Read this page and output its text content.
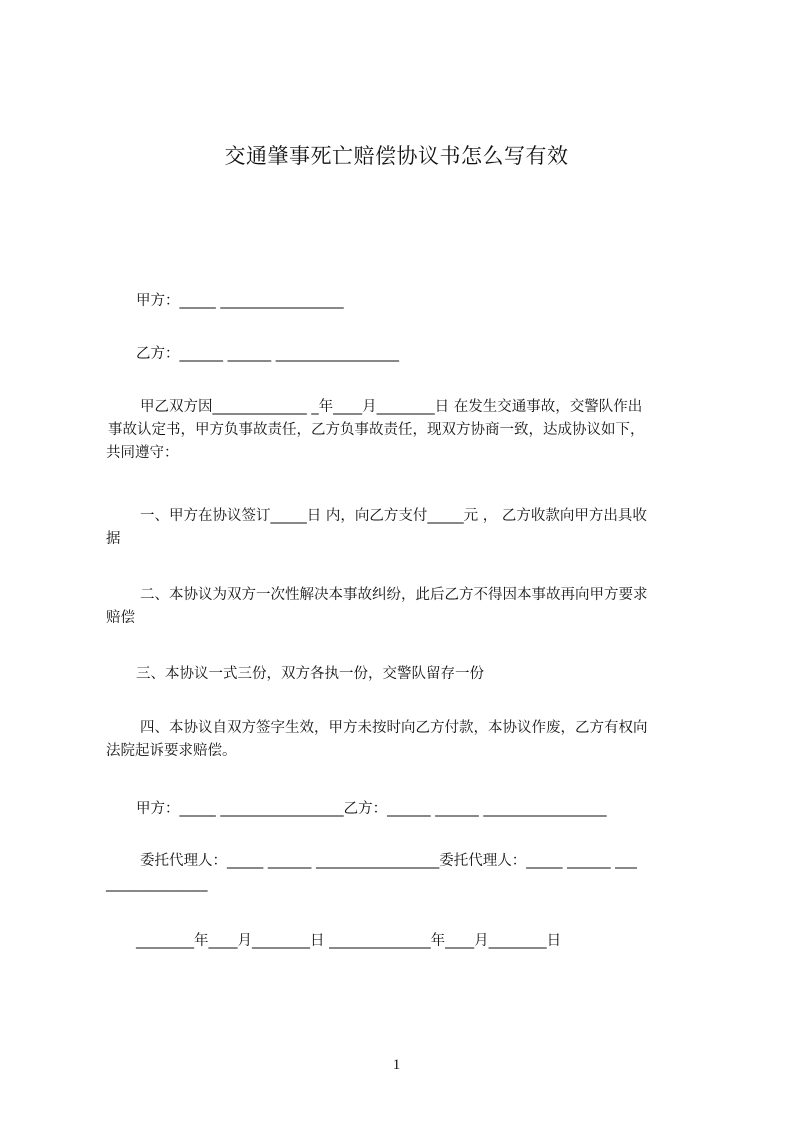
交通肇事死亡赔偿协议书怎么写有效
甲方：_____ _________________
乙方：______ ______ _________________
甲乙双方因_____________ _年____月________日 在发生交通事故，交警队作出
事故认定书，甲方负事故责任，乙方负事故责任，现双方协商一致，达成协议如下，
共同遵守：
一、甲方在协议签订_____日 内，向乙方支付_____元 ， 乙方收款向甲方出具收
据
二、本协议为双方一次性解决本事故纠纷，此后乙方不得因本事故再向甲方要求
赔偿
三、本协议一式三份，双方各执一份，交警队留存一份
四、本协议自双方签字生效，甲方未按时向乙方付款，本协议作废，乙方有权向
法院起诉要求赔偿。
甲方：_____ _________________乙方：______ ______ _________________
委托代理人：_____ ______ _________________委托代理人：_____ ______ ___
______________
________年____月________日 ______________年____月________日
1
